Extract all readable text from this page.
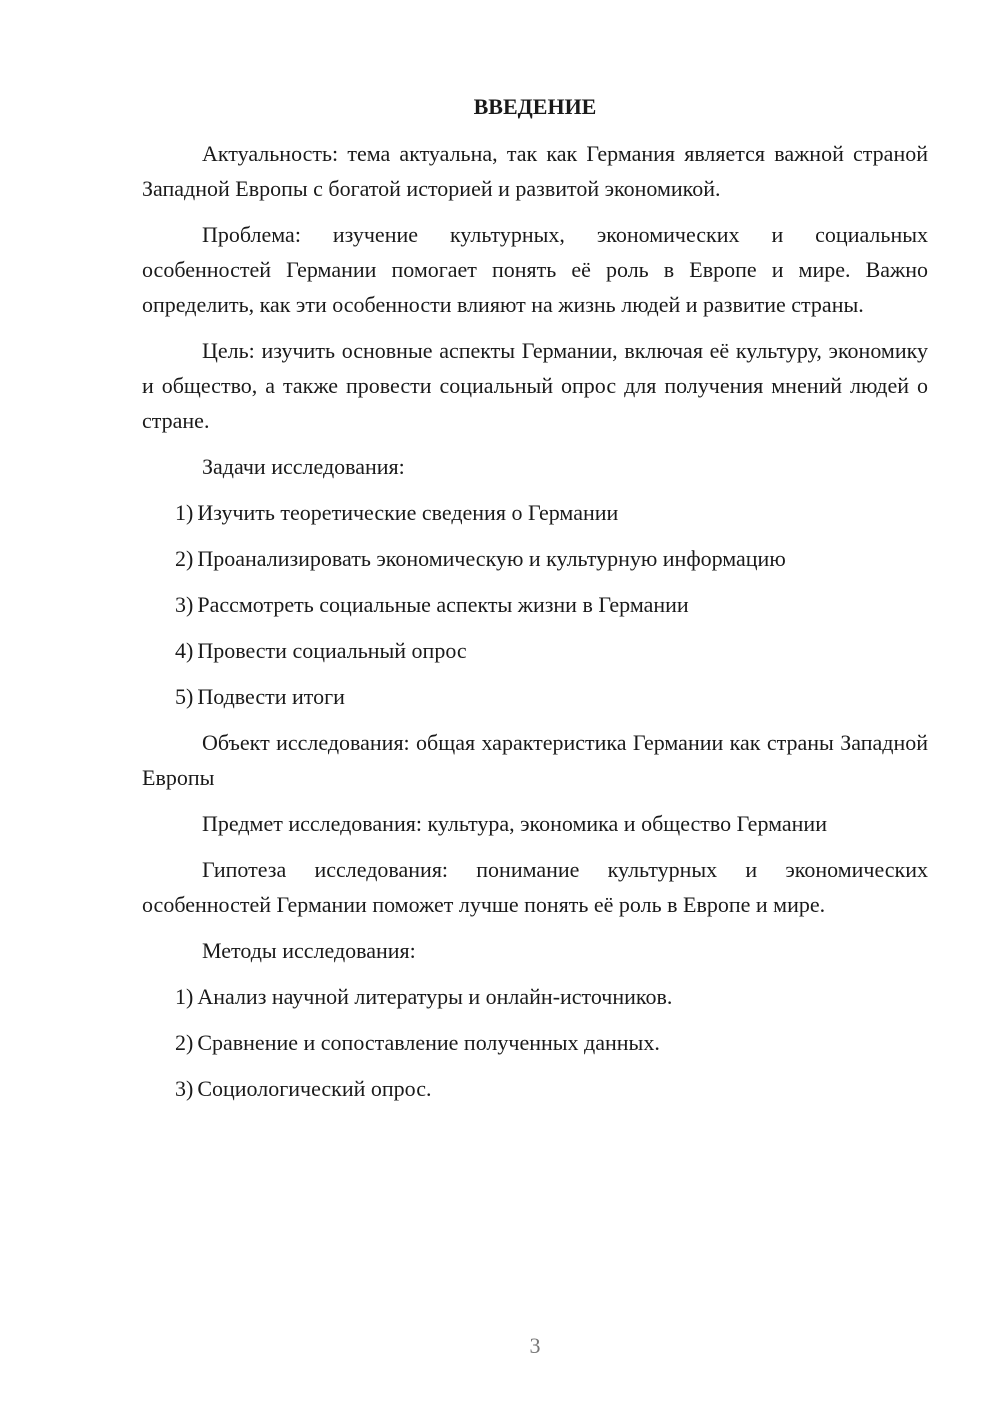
ВВЕДЕНИЕ

Актуальность: тема актуальна, так как Германия является важной страной Западной Европы с богатой историей и развитой экономикой.

Проблема: изучение культурных, экономических и социальных особенностей Германии помогает понять её роль в Европе и мире. Важно определить, как эти особенности влияют на жизнь людей и развитие страны.

Цель: изучить основные аспекты Германии, включая её культуру, экономику и общество, а также провести социальный опрос для получения мнений людей о стране.

Задачи исследования:

1) Изучить теоретические сведения о Германии
2) Проанализировать экономическую и культурную информацию
3) Рассмотреть социальные аспекты жизни в Германии
4) Провести социальный опрос
5) Подвести итоги

Объект исследования: общая характеристика Германии как страны Западной Европы

Предмет исследования: культура, экономика и общество Германии

Гипотеза исследования: понимание культурных и экономических особенностей Германии поможет лучше понять её роль в Европе и мире.

Методы исследования:

1) Анализ научной литературы и онлайн-источников.
2) Сравнение и сопоставление полученных данных.
3) Социологический опрос.
3
